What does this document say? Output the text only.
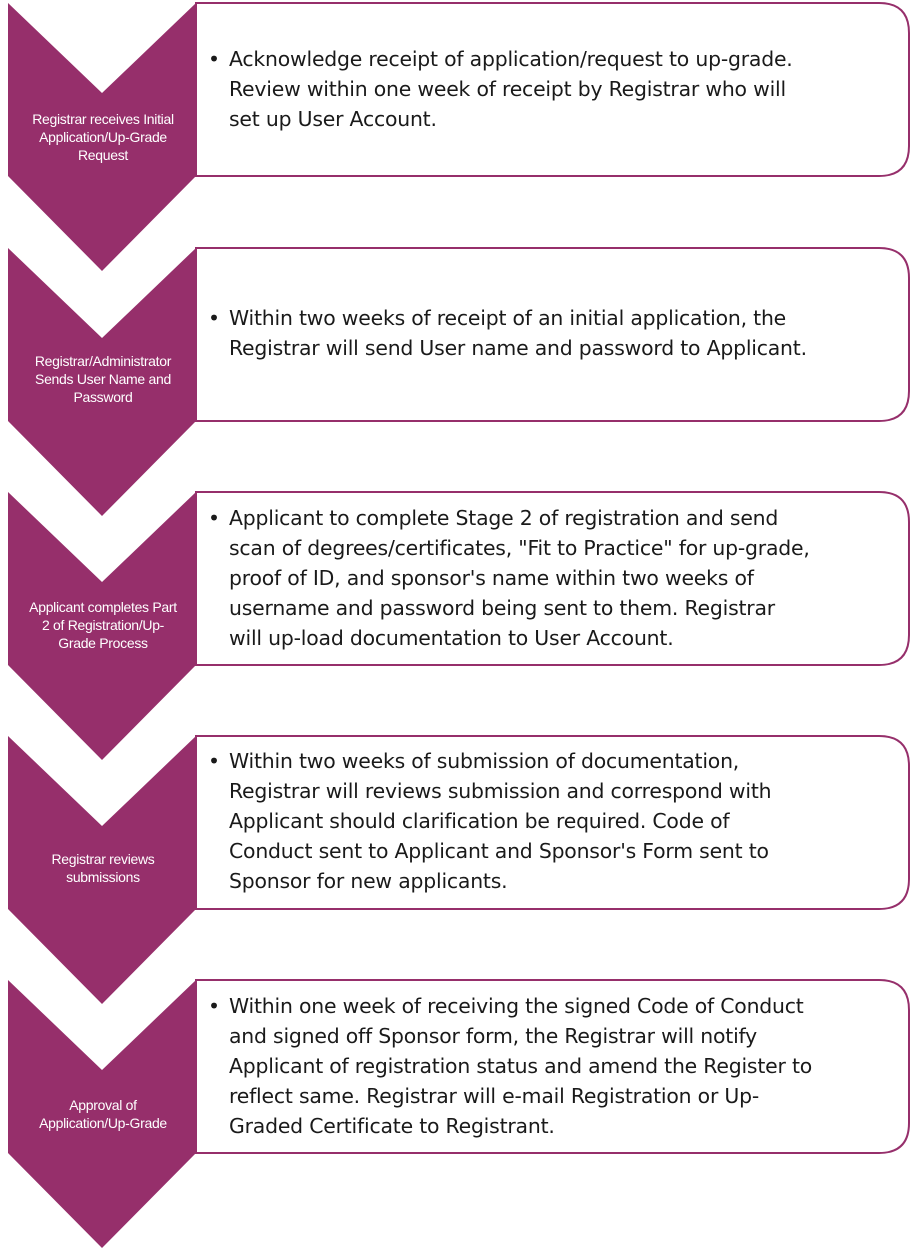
Registrar receives Initial
Application/Up-Grade
Request
• Acknowledge receipt of application/request to up-grade.
Review within one week of receipt by Registrar who will
set up User Account.
Registrar/Administrator
Sends User Name and
Password
• Within two weeks of receipt of an initial application, the
Registrar will send User name and password to Applicant.
Applicant completes Part
2 of Registration/Up-
Grade Process
• Applicant to complete Stage 2 of registration and send
scan of degrees/certificates, "Fit to Practice" for up-grade,
proof of ID, and sponsor's name within two weeks of
username and password being sent to them. Registrar
will up-load documentation to User Account.
Registrar reviews
submissions
• Within two weeks of submission of documentation,
Registrar will reviews submission and correspond with
Applicant should clarification be required. Code of
Conduct sent to Applicant and Sponsor's Form sent to
Sponsor for new applicants.
Approval of
Application/Up-Grade
• Within one week of receiving the signed Code of Conduct
and signed off Sponsor form, the Registrar will notify
Applicant of registration status and amend the Register to
reflect same. Registrar will e-mail Registration or Up-
Graded Certificate to Registrant.
